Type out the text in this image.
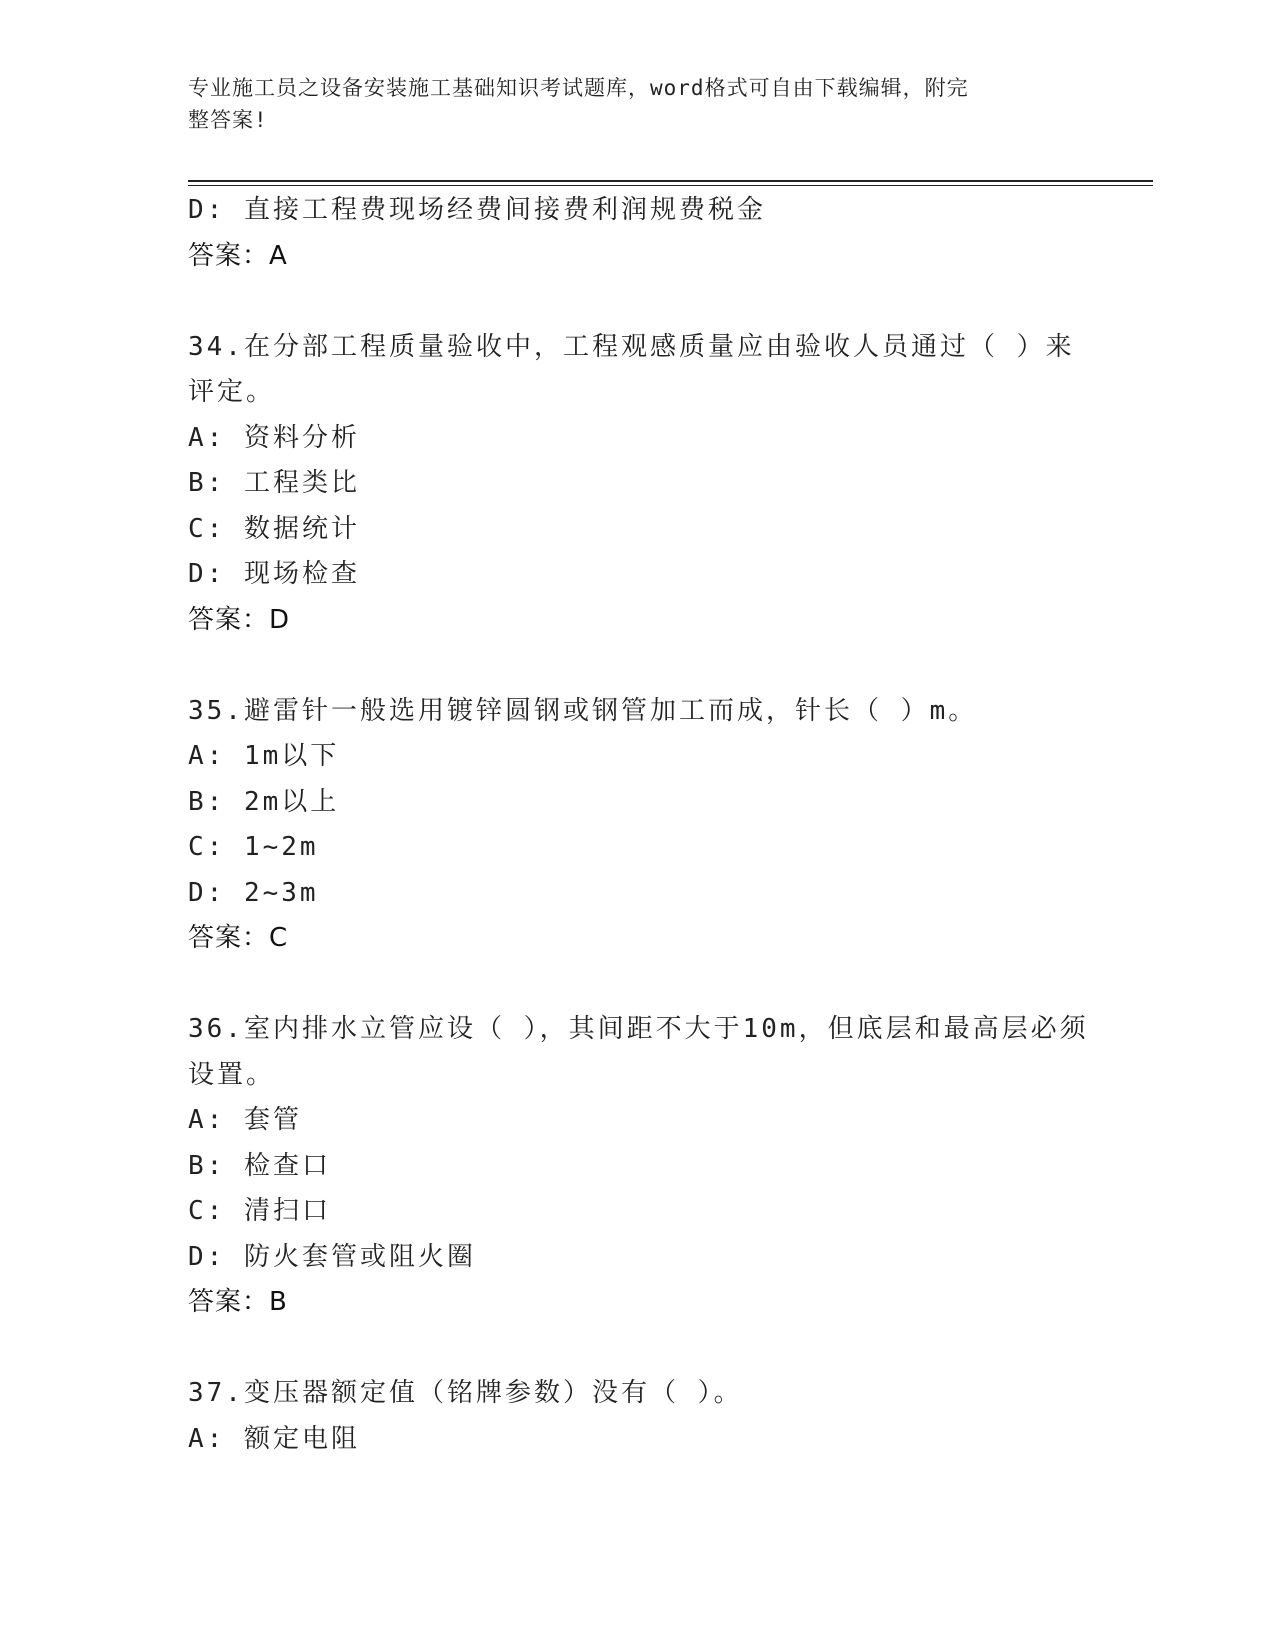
专业施工员之设备安装施工基础知识考试题库，word格式可自由下载编辑，附完
整答案!
D: 直接工程费现场经费间接费利润规费税金
答案：A
34.在分部工程质量验收中，工程观感质量应由验收人员通过（ ）来
评定。
A: 资料分析
B: 工程类比
C: 数据统计
D: 现场检查
答案：D
35.避雷针一般选用镀锌圆钢或钢管加工而成，针长（ ）m。
A: 1m以下
B: 2m以上
C: 1~2m
D: 2~3m
答案：C
36.室内排水立管应设（ ），其间距不大于10m，但底层和最高层必须
设置。
A: 套管
B: 检查口
C: 清扫口
D: 防火套管或阻火圈
答案：B
37.变压器额定值（铭牌参数）没有（ ）。
A: 额定电阻
